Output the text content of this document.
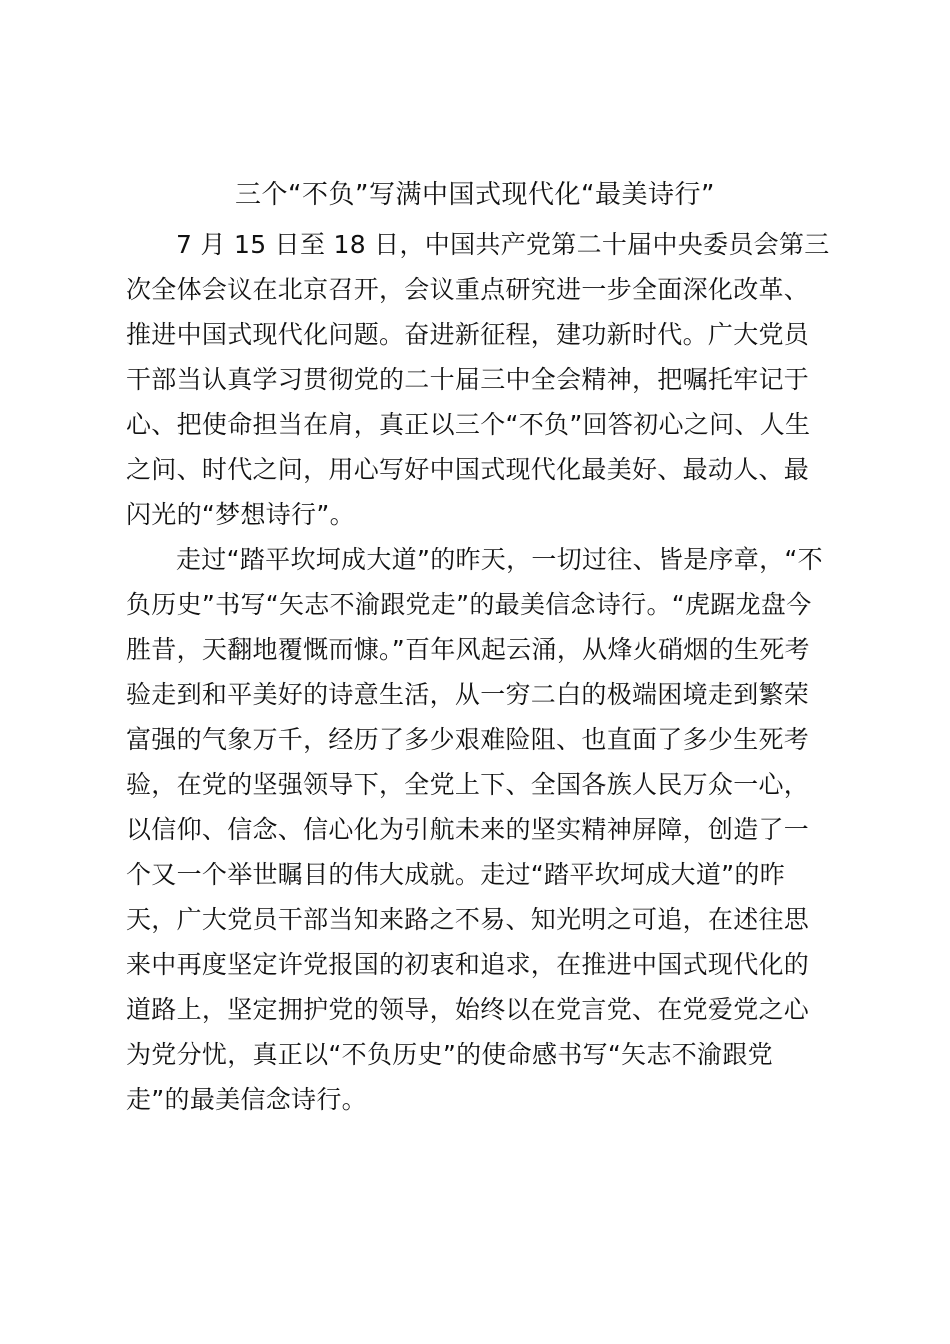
三个“不负”写满中国式现代化“最美诗行”
7 月 15 日至 18 日，中国共产党第二十届中央委员会第三
次全体会议在北京召开，会议重点研究进一步全面深化改革、
推进中国式现代化问题。奋进新征程，建功新时代。广大党员
干部当认真学习贯彻党的二十届三中全会精神，把嘱托牢记于
心、把使命担当在肩，真正以三个“不负”回答初心之问、人生
之问、时代之问，用心写好中国式现代化最美好、最动人、最
闪光的“梦想诗行”。
走过“踏平坎坷成大道”的昨天，一切过往、皆是序章，“不
负历史”书写“矢志不渝跟党走”的最美信念诗行。“虎踞龙盘今
胜昔，天翻地覆慨而慷。”百年风起云涌，从烽火硝烟的生死考
验走到和平美好的诗意生活，从一穷二白的极端困境走到繁荣
富强的气象万千，经历了多少艰难险阻、也直面了多少生死考
验，在党的坚强领导下，全党上下、全国各族人民万众一心，
以信仰、信念、信心化为引航未来的坚实精神屏障，创造了一
个又一个举世瞩目的伟大成就。走过“踏平坎坷成大道”的昨
天，广大党员干部当知来路之不易、知光明之可追，在述往思
来中再度坚定许党报国的初衷和追求，在推进中国式现代化的
道路上，坚定拥护党的领导，始终以在党言党、在党爱党之心
为党分忧，真正以“不负历史”的使命感书写“矢志不渝跟党
走”的最美信念诗行。
